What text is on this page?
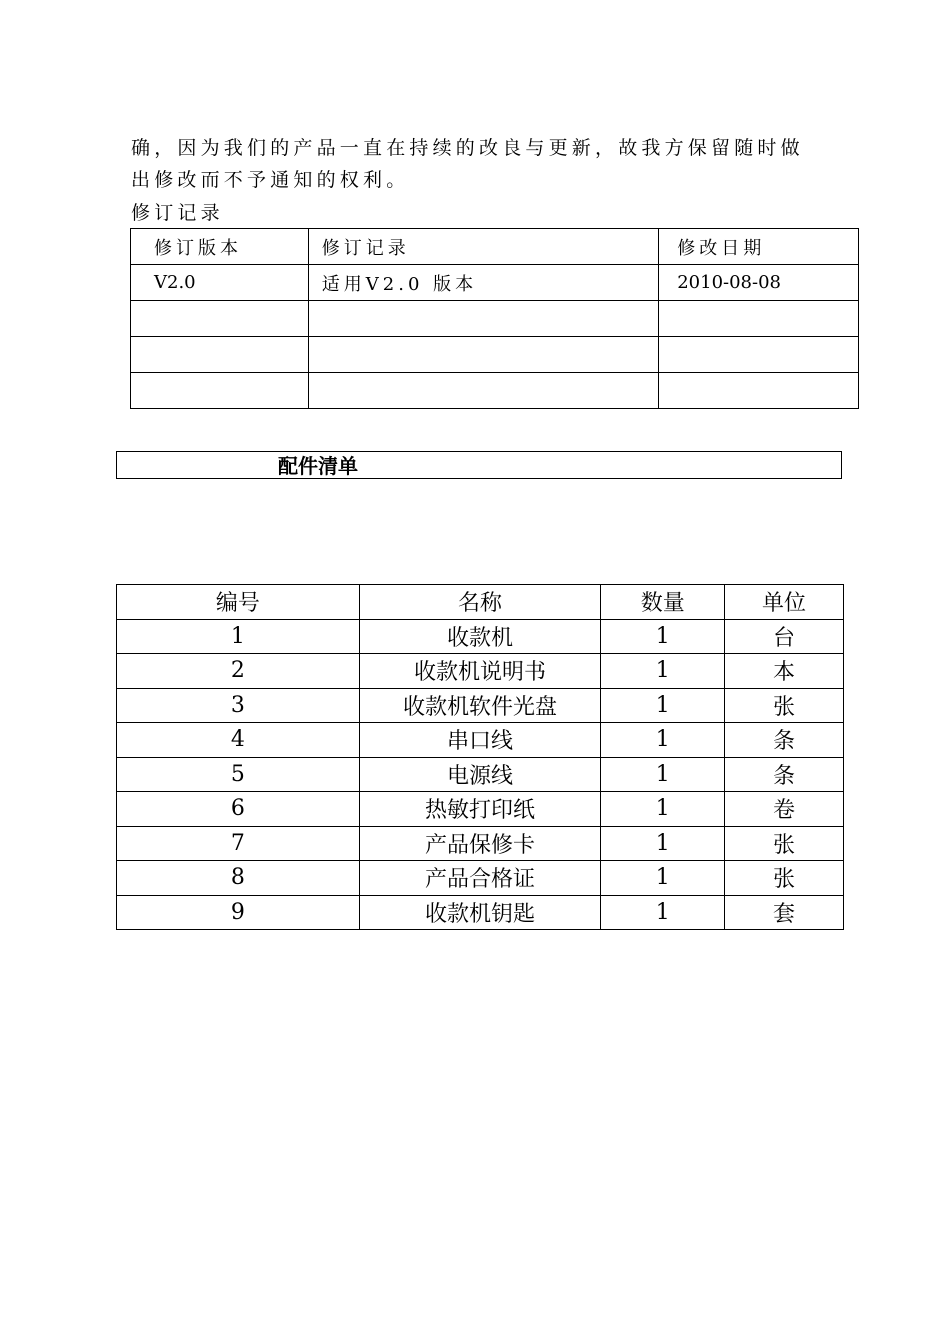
确，因为我们的产品一直在持续的改良与更新，故我方保留随时做

出修改而不予通知的权利。

修订记录
修订版本	修订记录	修改日期
V2.0	适用V2.0 版本	2010-08-08

配件清单
编号	名称	数量	单位
1	收款机	1	台
2	收款机说明书	1	本
3	收款机软件光盘	1	张
4	串口线	1	条
5	电源线	1	条
6	热敏打印纸	1	卷
7	产品保修卡	1	张
8	产品合格证	1	张
9	收款机钥匙	1	套
